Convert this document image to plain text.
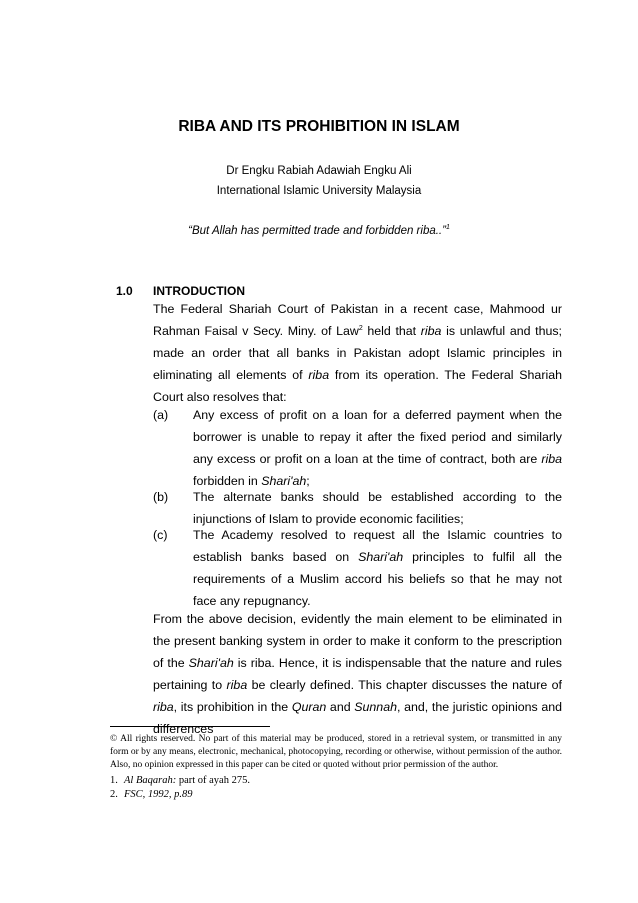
RIBA AND ITS PROHIBITION IN ISLAM
Dr Engku Rabiah Adawiah Engku Ali
International Islamic University Malaysia
“But Allah has permitted trade and forbidden riba..”$^1$
1.0 INTRODUCTION
The Federal Shariah Court of Pakistan in a recent case, Mahmood ur Rahman Faisal v Secy. Miny. of Law$^2$ held that riba is unlawful and thus; made an order that all banks in Pakistan adopt Islamic principles in eliminating all elements of riba from its operation. The Federal Shariah Court also resolves that:
(a) Any excess of profit on a loan for a deferred payment when the borrower is unable to repay it after the fixed period and similarly any excess or profit on a loan at the time of contract, both are riba forbidden in Shari'ah;
(b) The alternate banks should be established according to the injunctions of Islam to provide economic facilities;
(c) The Academy resolved to request all the Islamic countries to establish banks based on Shari'ah principles to fulfil all the requirements of a Muslim accord his beliefs so that he may not face any repugnancy.
From the above decision, evidently the main element to be eliminated in the present banking system in order to make it conform to the prescription of the Shari'ah is riba. Hence, it is indispensable that the nature and rules pertaining to riba be clearly defined. This chapter discusses the nature of riba, its prohibition in the Quran and Sunnah, and, the juristic opinions and differences
© All rights reserved. No part of this material may be produced, stored in a retrieval system, or transmitted in any form or by any means, electronic, mechanical, photocopying, recording or otherwise, without permission of the author. Also, no opinion expressed in this paper can be cited or quoted without prior permission of the author.
1. Al Baqarah: part of ayah 275.
2. FSC, 1992, p.89
